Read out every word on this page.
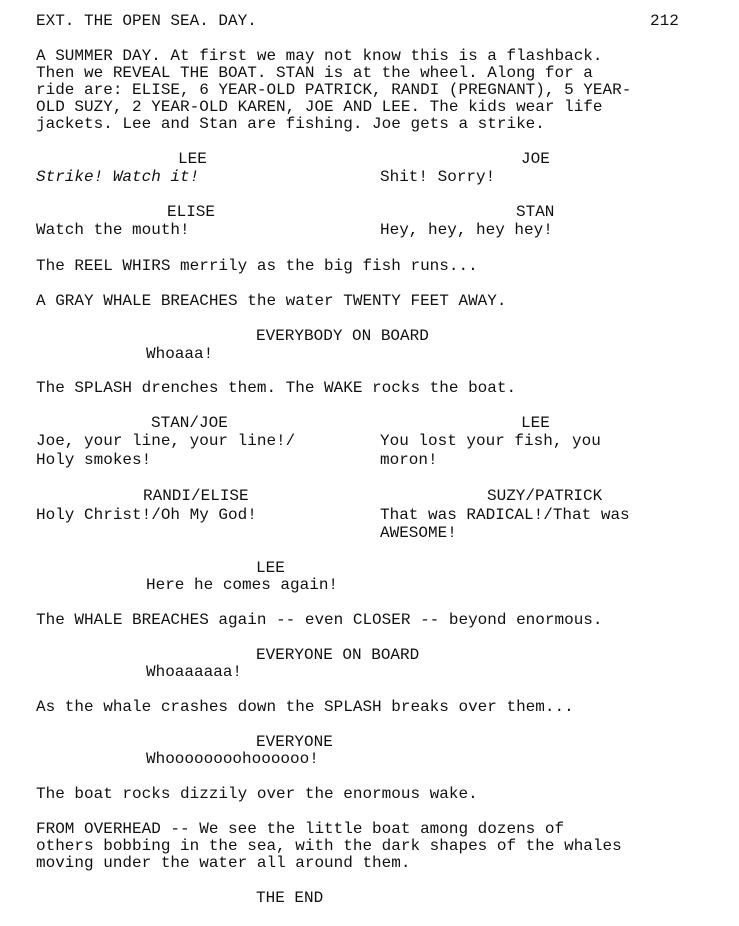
EXT. THE OPEN SEA. DAY.	212
A SUMMER DAY. At first we may not know this is a flashback.
Then we REVEAL THE BOAT. STAN is at the wheel. Along for a
ride are: ELISE, 6 YEAR-OLD PATRICK, RANDI (PREGNANT), 5 YEAR-
OLD SUZY, 2 YEAR-OLD KAREN, JOE AND LEE. The kids wear life
jackets. Lee and Stan are fishing. Joe gets a strike.
LEE
Strike! Watch it!
JOE
Shit! Sorry!
ELISE
Watch the mouth!
STAN
Hey, hey, hey hey!
The REEL WHIRS merrily as the big fish runs...
A GRAY WHALE BREACHES the water TWENTY FEET AWAY.
EVERYBODY ON BOARD
Whoaaa!
The SPLASH drenches them. The WAKE rocks the boat.
STAN/JOE
Joe, your line, your line!/
Holy smokes!
LEE
You lost your fish, you
moron!
RANDI/ELISE
Holy Christ!/Oh My God!
SUZY/PATRICK
That was RADICAL!/That was
AWESOME!
LEE
Here he comes again!
The WHALE BREACHES again -- even CLOSER -- beyond enormous.
EVERYONE ON BOARD
Whoaaaaaa!
As the whale crashes down the SPLASH breaks over them...
EVERYONE
Whoooooooohoooooo!
The boat rocks dizzily over the enormous wake.
FROM OVERHEAD -- We see the little boat among dozens of
others bobbing in the sea, with the dark shapes of the whales
moving under the water all around them.
THE END
